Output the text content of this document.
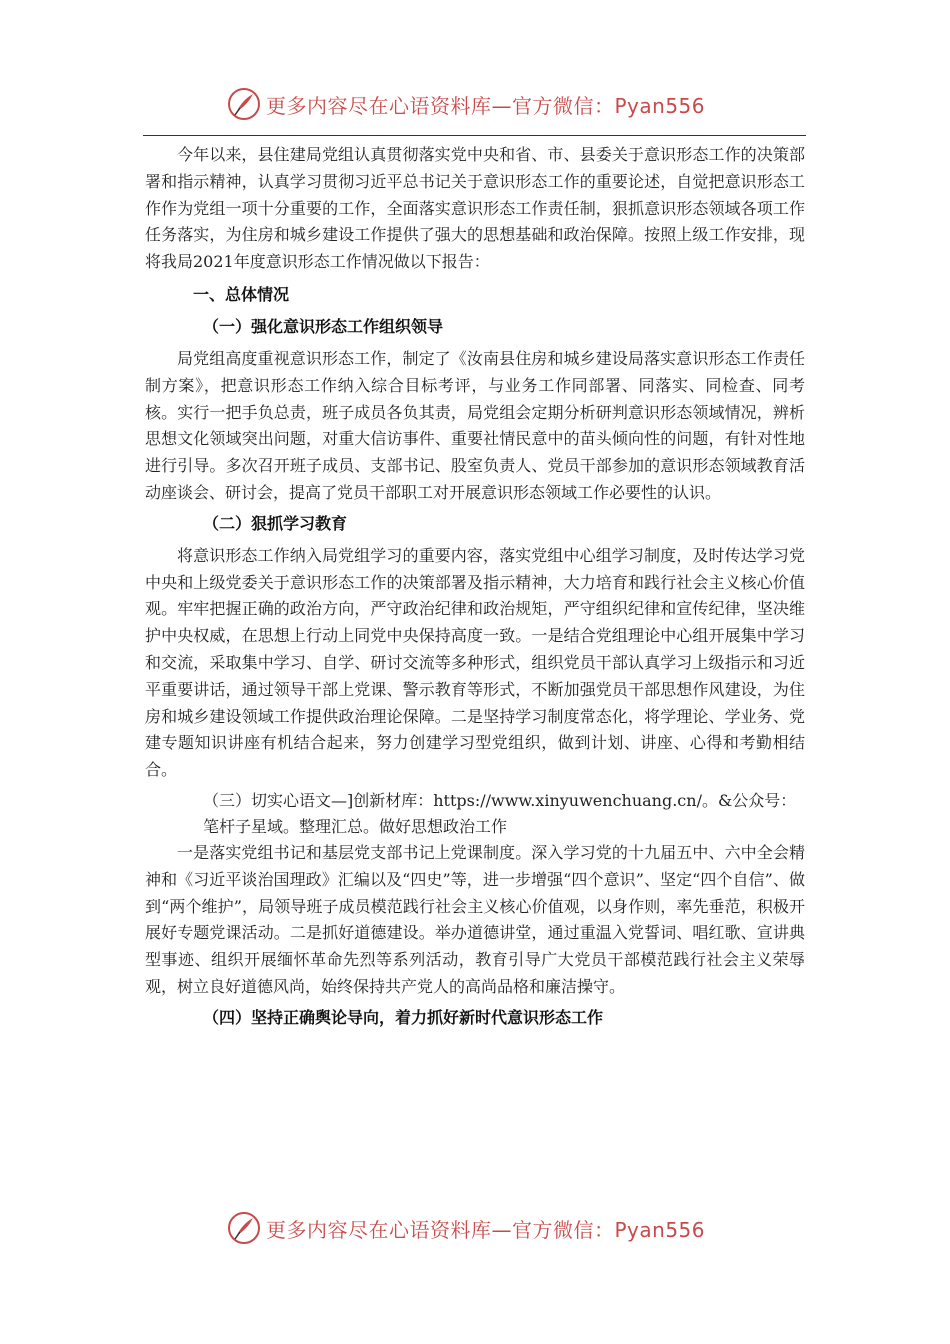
更多内容尽在心语资料库—官方微信：Pyan556

今年以来，县住建局党组认真贯彻落实党中央和省、市、县委关于意识形态工作的决策部署和指示精神，认真学习贯彻习近平总书记关于意识形态工作的重要论述，自觉把意识形态工作作为党组一项十分重要的工作，全面落实意识形态工作责任制，狠抓意识形态领域各项工作任务落实，为住房和城乡建设工作提供了强大的思想基础和政治保障。按照上级工作安排，现将我局2021年度意识形态工作情况做以下报告：

一、总体情况
（一）强化意识形态工作组织领导

局党组高度重视意识形态工作，制定了《汝南县住房和城乡建设局落实意识形态工作责任制方案》，把意识形态工作纳入综合目标考评，与业务工作同部署、同落实、同检查、同考核。实行一把手负总责，班子成员各负其责，局党组会定期分析研判意识形态领域情况，辨析思想文化领域突出问题，对重大信访事件、重要社情民意中的苗头倾向性的问题，有针对性地进行引导。多次召开班子成员、支部书记、股室负责人、党员干部参加的意识形态领域教育活动座谈会、研讨会，提高了党员干部职工对开展意识形态领域工作必要性的认识。

（二）狠抓学习教育

将意识形态工作纳入局党组学习的重要内容，落实党组中心组学习制度，及时传达学习党中央和上级党委关于意识形态工作的决策部署及指示精神，大力培育和践行社会主义核心价值观。牢牢把握正确的政治方向，严守政治纪律和政治规矩，严守组织纪律和宣传纪律，坚决维护中央权威，在思想上行动上同党中央保持高度一致。一是结合党组理论中心组开展集中学习和交流，采取集中学习、自学、研讨交流等多种形式，组织党员干部认真学习上级指示和习近平重要讲话，通过领导干部上党课、警示教育等形式，不断加强党员干部思想作风建设，为住房和城乡建设领域工作提供政治理论保障。二是坚持学习制度常态化，将学理论、学业务、党建专题知识讲座有机结合起来，努力创建学习型党组织，做到计划、讲座、心得和考勤相结合。

（三）切实心语文—]创新材库：https://www.xinyuwenchuang.cn/。&公众号：笔杆子星域。整理汇总。做好思想政治工作

一是落实党组书记和基层党支部书记上党课制度。深入学习党的十九届五中、六中全会精神和《习近平谈治国理政》汇编以及“四史”等，进一步增强“四个意识”、坚定“四个自信”、做到“两个维护”，局领导班子成员模范践行社会主义核心价值观，以身作则，率先垂范，积极开展好专题党课活动。二是抓好道德建设。举办道德讲堂，通过重温入党誓词、唱红歌、宣讲典型事迹、组织开展缅怀革命先烈等系列活动，教育引导广大党员干部模范践行社会主义荣辱观，树立良好道德风尚，始终保持共产党人的高尚品格和廉洁操守。

（四）坚持正确舆论导向，着力抓好新时代意识形态工作
更多内容尽在心语资料库—官方微信：Pyan556
